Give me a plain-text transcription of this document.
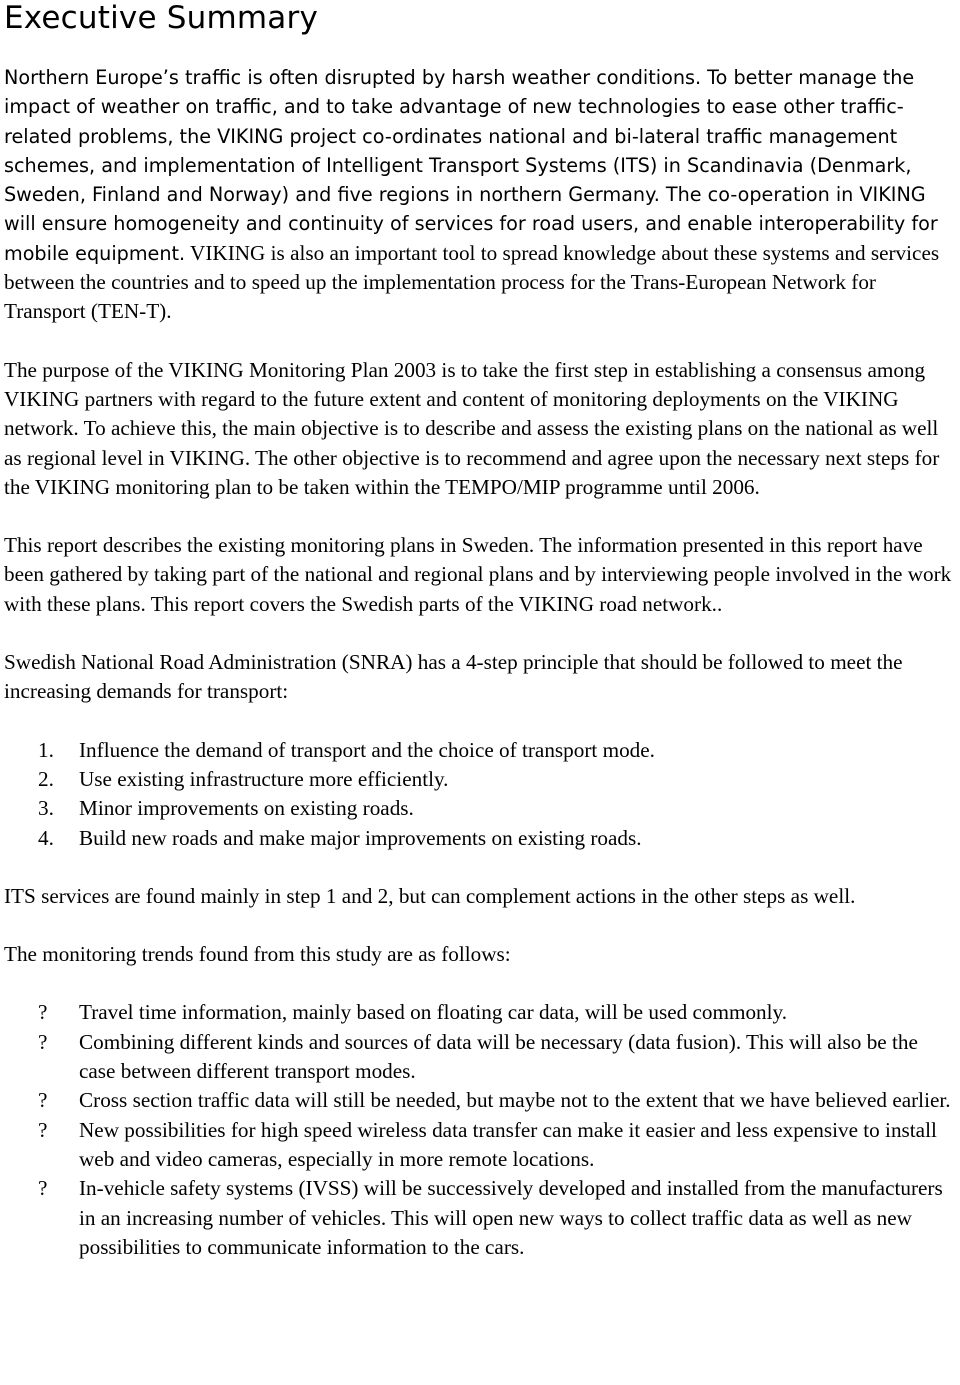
Executive Summary

Northern Europe’s traffic is often disrupted by harsh weather conditions. To better manage the impact of weather on traffic, and to take advantage of new technologies to ease other traffic-related problems, the VIKING project co-ordinates national and bi-lateral traffic management schemes, and implementation of Intelligent Transport Systems (ITS) in Scandinavia (Denmark, Sweden, Finland and Norway) and five regions in northern Germany. The co-operation in VIKING will ensure homogeneity and continuity of services for road users, and enable interoperability for mobile equipment. VIKING is also an important tool to spread knowledge about these systems and services between the countries and to speed up the implementation process for the Trans-European Network for Transport (TEN-T).

The purpose of the VIKING Monitoring Plan 2003 is to take the first step in establishing a consensus among VIKING partners with regard to the future extent and content of monitoring deployments on the VIKING network. To achieve this, the main objective is to describe and assess the existing plans on the national as well as regional level in VIKING. The other objective is to recommend and agree upon the necessary next steps for the VIKING monitoring plan to be taken within the TEMPO/MIP programme until 2006.

This report describes the existing monitoring plans in Sweden. The information presented in this report have been gathered by taking part of the national and regional plans and by interviewing people involved in the work with these plans. This report covers the Swedish parts of the VIKING road network..

Swedish National Road Administration (SNRA) has a 4-step principle that should be followed to meet the increasing demands for transport:

1. Influence the demand of transport and the choice of transport mode.
2. Use existing infrastructure more efficiently.
3. Minor improvements on existing roads.
4. Build new roads and make major improvements on existing roads.

ITS services are found mainly in step 1 and 2, but can complement actions in the other steps as well.

The monitoring trends found from this study are as follows:

? Travel time information, mainly based on floating car data, will be used commonly.
? Combining different kinds and sources of data will be necessary (data fusion). This will also be the case between different transport modes.
? Cross section traffic data will still be needed, but maybe not to the extent that we have believed earlier.
? New possibilities for high speed wireless data transfer can make it easier and less expensive to install web and video cameras, especially in more remote locations.
? In-vehicle safety systems (IVSS) will be successively developed and installed from the manufacturers in an increasing number of vehicles. This will open new ways to collect traffic data as well as new possibilities to communicate information to the cars.
